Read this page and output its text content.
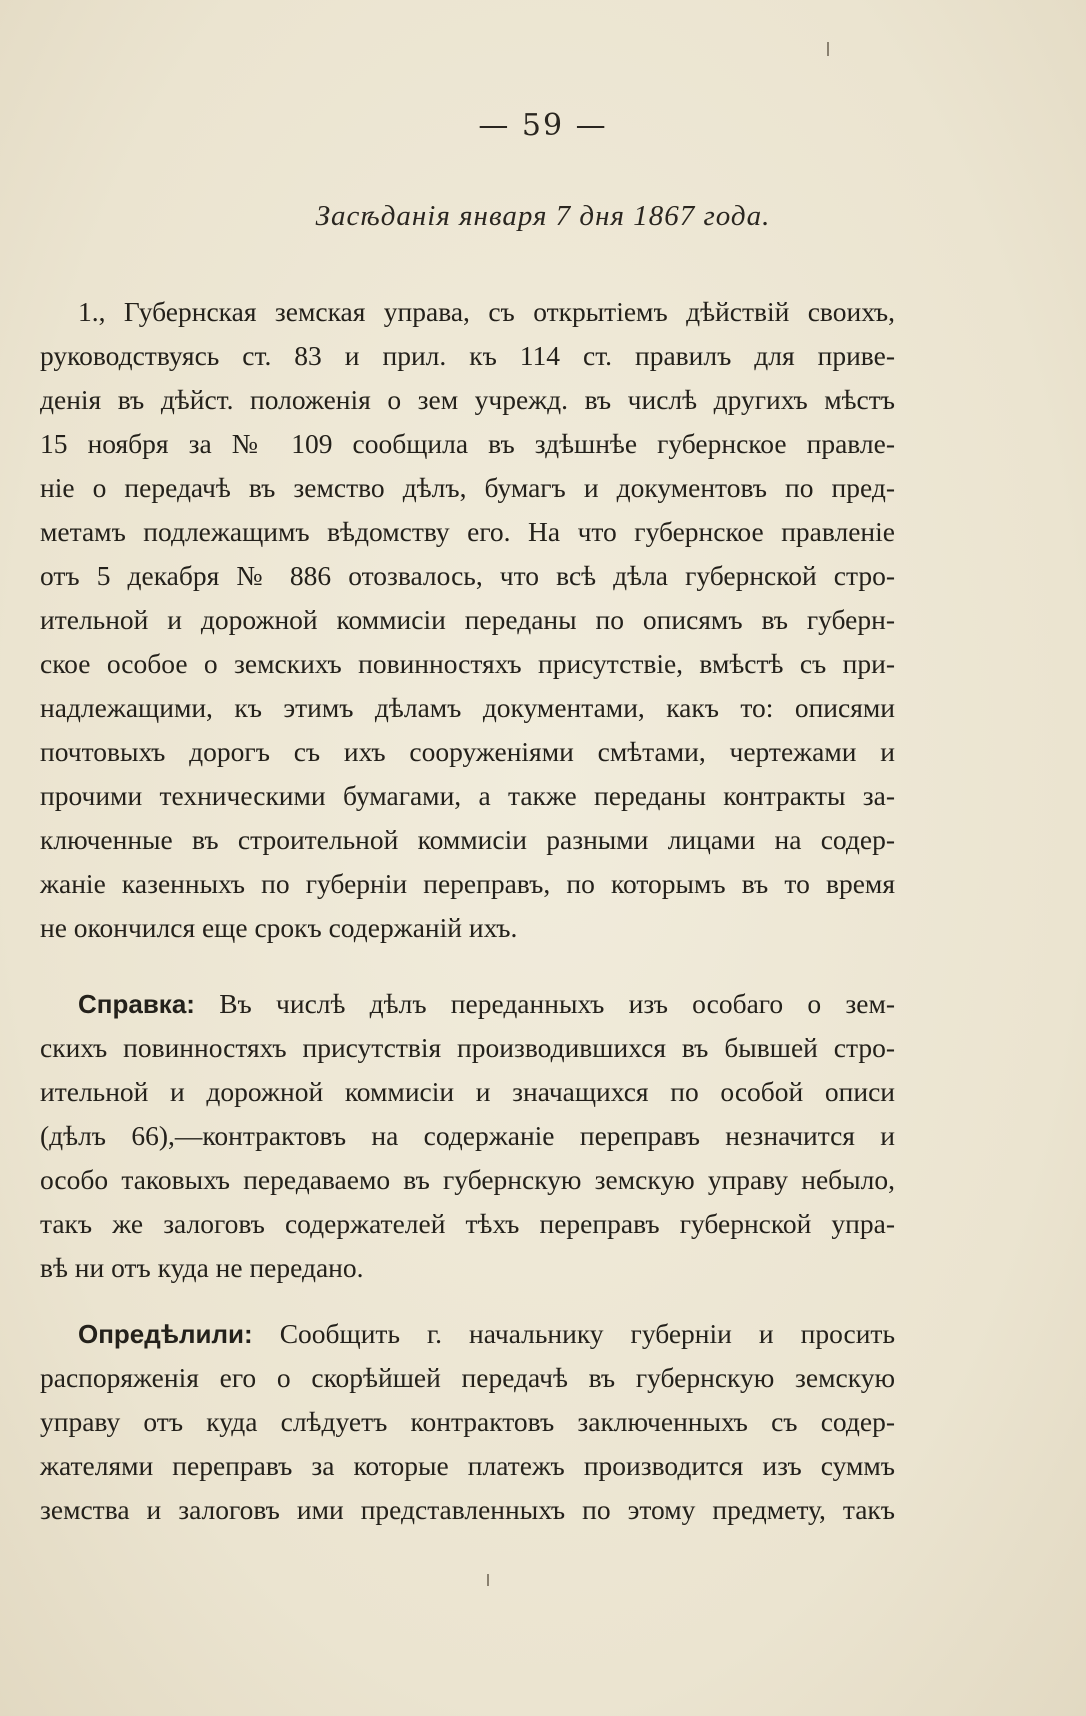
— 59 —
Засѣданія января 7 дня 1867 года.
1., Губернская земская управа, съ открытіемъ дѣйствій своихъ,
руководствуясь ст. 83 и прил. къ 114 ст. правилъ для приве-
денія въ дѣйст. положенія о зем учрежд. въ числѣ другихъ мѣстъ
15 ноября за № 109 сообщила въ здѣшнѣе губернское правле-
ніе о передачѣ въ земство дѣлъ, бумагъ и документовъ по пред-
метамъ подлежащимъ вѣдомству его. На что губернское правленіе
отъ 5 декабря № 886 отозвалось, что всѣ дѣла губернской стро-
ительной и дорожной коммисіи переданы по описямъ въ губерн-
ское особое о земскихъ повинностяхъ присутствіе, вмѣстѣ съ при-
надлежащими, къ этимъ дѣламъ документами, какъ то: описями
почтовыхъ дорогъ съ ихъ сооруженіями смѣтами, чертежами и
прочими техническими бумагами, а также переданы контракты за-
ключенные въ строительной коммисіи разными лицами на содер-
жаніе казенныхъ по губерніи переправъ, по которымъ въ то время
не окончился еще срокъ содержаній ихъ.
Справка: Въ числѣ дѣлъ переданныхъ изъ особаго о зем-
скихъ повинностяхъ присутствія производившихся въ бывшей стро-
ительной и дорожной коммисіи и значащихся по особой описи
(дѣлъ 66),—контрактовъ на содержаніе переправъ незначится и
особо таковыхъ передаваемо въ губернскую земскую управу небыло,
такъ же залоговъ содержателей тѣхъ переправъ губернской упра-
вѣ ни отъ куда не передано.
Опредѣлили: Сообщить г. начальнику губерніи и просить
распоряженія его о скорѣйшей передачѣ въ губернскую земскую
управу отъ куда слѣдуетъ контрактовъ заключенныхъ съ содер-
жателями переправъ за которые платежъ производится изъ суммъ
земства и залоговъ ими представленныхъ по этому предмету, такъ
